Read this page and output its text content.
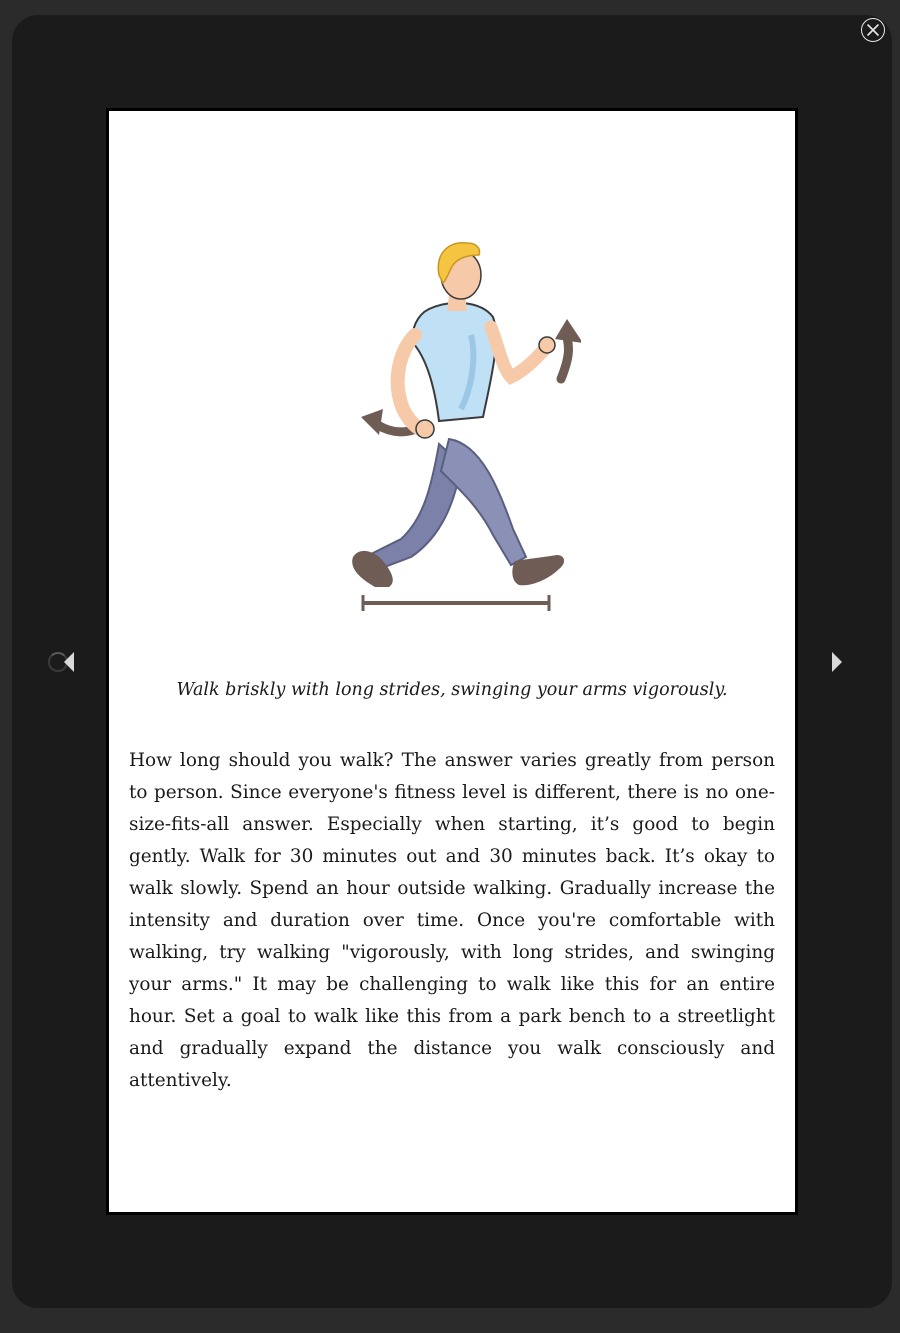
Walk briskly with long strides, swinging your arms vigorously.

How long should you walk? The answer varies greatly from person to person. Since everyone's fitness level is different, there is no one-size-fits-all answer. Especially when starting, it’s good to begin gently. Walk for 30 minutes out and 30 minutes back. It’s okay to walk slowly. Spend an hour outside walking. Gradually increase the intensity and duration over time. Once you're comfortable with walking, try walking "vigorously, with long strides, and swinging your arms." It may be challenging to walk like this for an entire hour. Set a goal to walk like this from a park bench to a streetlight and gradually expand the distance you walk consciously and attentively.
